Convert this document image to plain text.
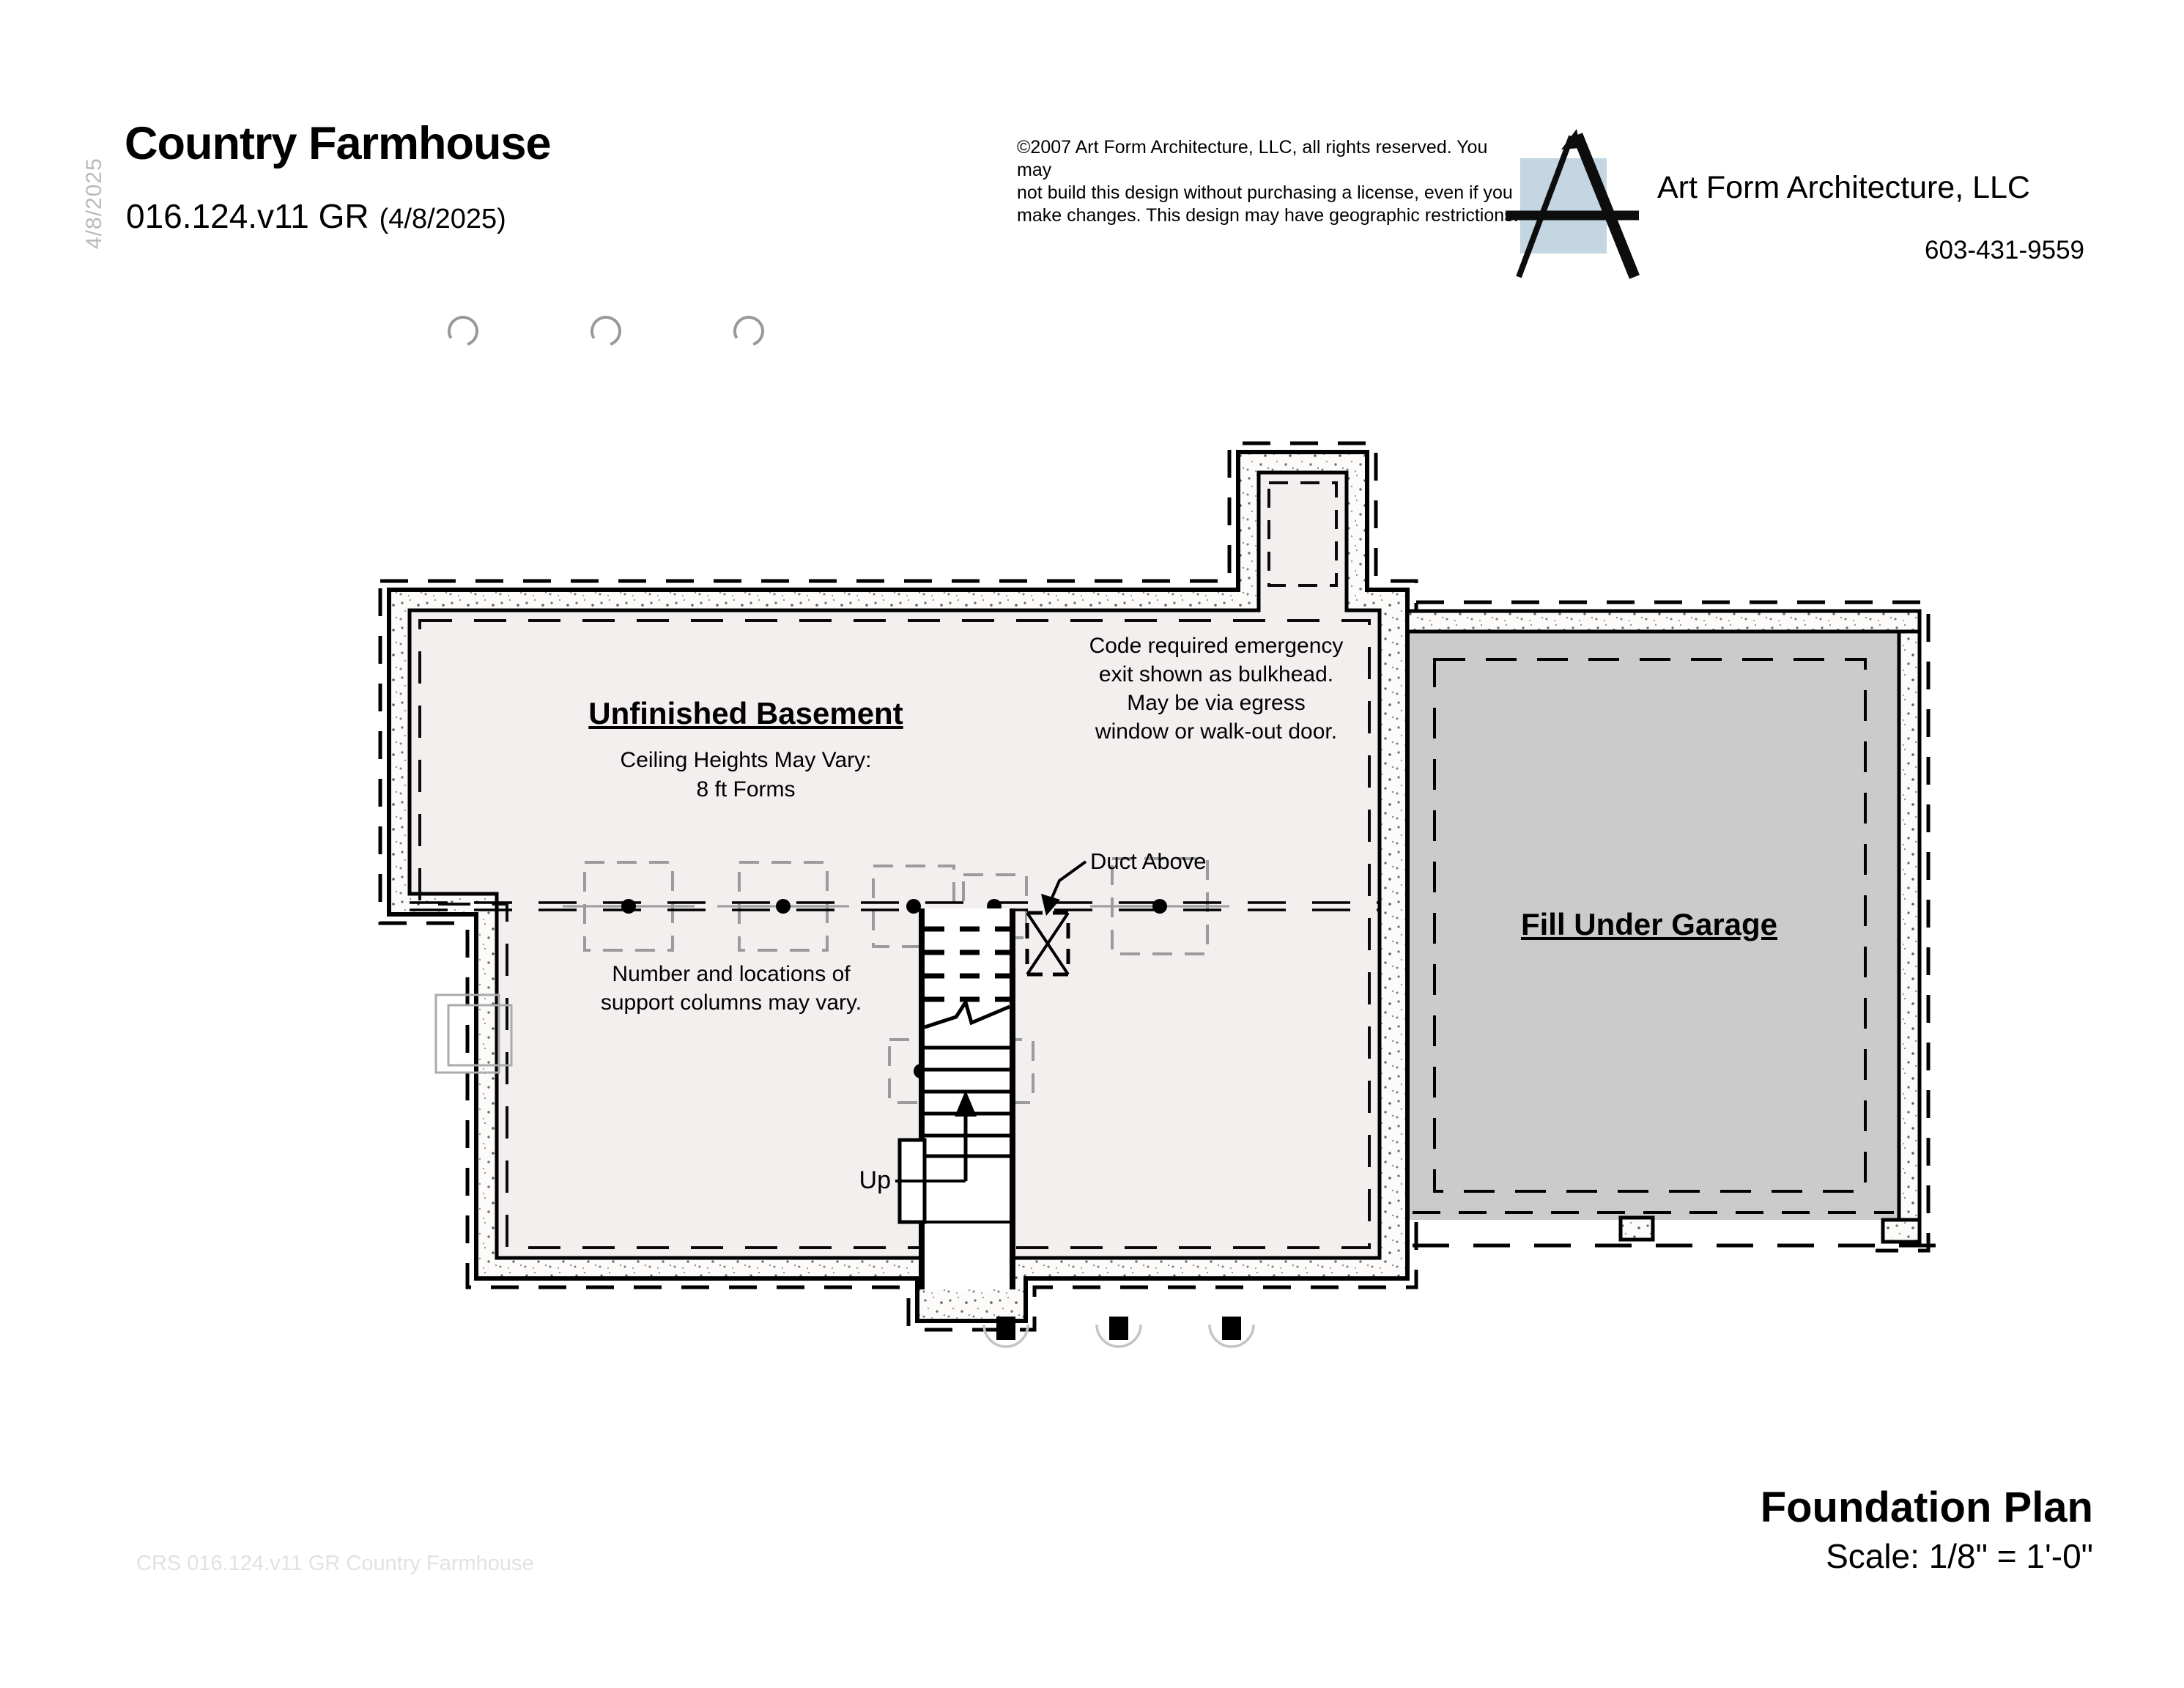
4/8/2025
Country Farmhouse
016.124.v11 GR (4/8/2025)
©2007 Art Form Architecture, LLC, all rights reserved. You may
not build this design without purchasing a license, even if you
make changes. This design may have geographic restrictions.
Art Form Architecture, LLC
603-431-9559
Unfinished Basement
Ceiling Heights May Vary:
8 ft Forms
Code required emergency
exit shown as bulkhead.
May be via egress
window or walk-out door.
Number and locations of
support columns may vary.
Duct Above
Up
Fill Under Garage
Foundation Plan
Scale: 1/8" = 1'-0"
CRS 016.124.v11 GR Country Farmhouse
